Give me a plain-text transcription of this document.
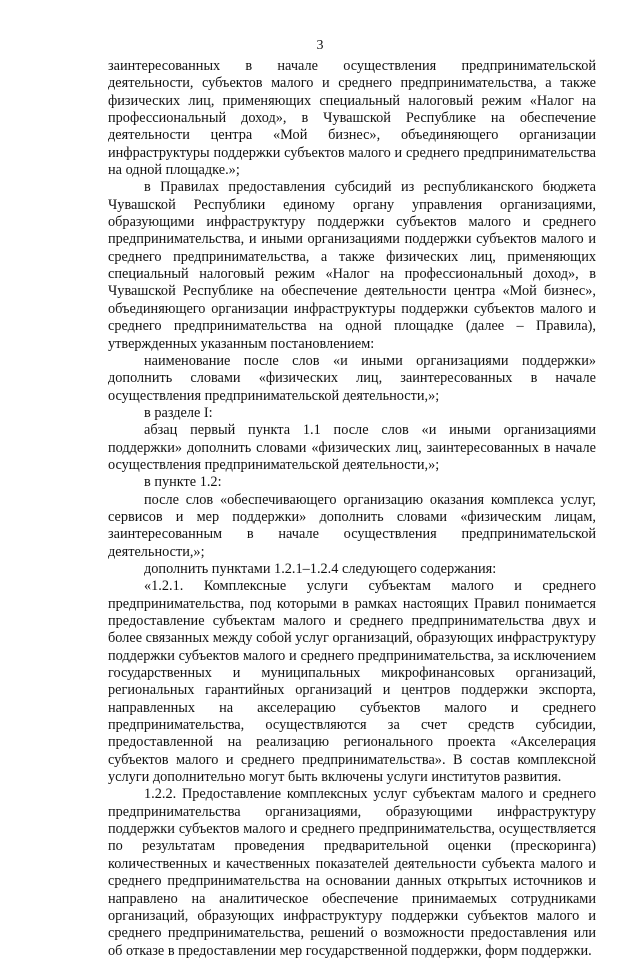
3

заинтересованных в начале осуществления предпринимательской деятельности, субъектов малого и среднего предпринимательства, а также физических лиц, применяющих специальный налоговый режим «Налог на профессиональный доход», в Чувашской Республике на обеспечение деятельности центра «Мой бизнес», объединяющего организации инфраструктуры поддержки субъектов малого и среднего предпринимательства на одной площадке.»;

в Правилах предоставления субсидий из республиканского бюджета Чувашской Республики единому органу управления организациями, образующими инфраструктуру поддержки субъектов малого и среднего предпринимательства, и иными организациями поддержки субъектов малого и среднего предпринимательства, а также физических лиц, применяющих специальный налоговый режим «Налог на профессиональный доход», в Чувашской Республике на обеспечение деятельности центра «Мой бизнес», объединяющего организации инфраструктуры поддержки субъектов малого и среднего предпринимательства на одной площадке (далее – Правила), утвержденных указанным постановлением:

наименование после слов «и иными организациями поддержки» дополнить словами «физических лиц, заинтересованных в начале осуществления предпринимательской деятельности,»;

в разделе I:

абзац первый пункта 1.1 после слов «и иными организациями поддержки» дополнить словами «физических лиц, заинтересованных в начале осуществления предпринимательской деятельности,»;

в пункте 1.2:

после слов «обеспечивающего организацию оказания комплекса услуг, сервисов и мер поддержки» дополнить словами «физическим лицам, заинтересованным в начале осуществления предпринимательской деятельности,»;

дополнить пунктами 1.2.1–1.2.4 следующего содержания:

«1.2.1. Комплексные услуги субъектам малого и среднего предпринимательства, под которыми в рамках настоящих Правил понимается предоставление субъектам малого и среднего предпринимательства двух и более связанных между собой услуг организаций, образующих инфраструктуру поддержки субъектов малого и среднего предпринимательства, за исключением государственных и муниципальных микрофинансовых организаций, региональных гарантийных организаций и центров поддержки экспорта, направленных на акселерацию субъектов малого и среднего предпринимательства, осуществляются за счет средств субсидии, предоставленной на реализацию регионального проекта «Акселерация субъектов малого и среднего предпринимательства». В состав комплексной услуги дополнительно могут быть включены услуги институтов развития.

1.2.2. Предоставление комплексных услуг субъектам малого и среднего предпринимательства организациями, образующими инфраструктуру поддержки субъектов малого и среднего предпринимательства, осуществляется по результатам проведения предварительной оценки (прескоринга) количественных и качественных показателей деятельности субъекта малого и среднего предпринимательства на основании данных открытых источников и направлено на аналитическое обеспечение принимаемых сотрудниками организаций, образующих инфраструктуру поддержки субъектов малого и среднего предпринимательства, решений о возможности предоставления или об отказе в предоставлении мер государственной поддержки, форм поддержки.
